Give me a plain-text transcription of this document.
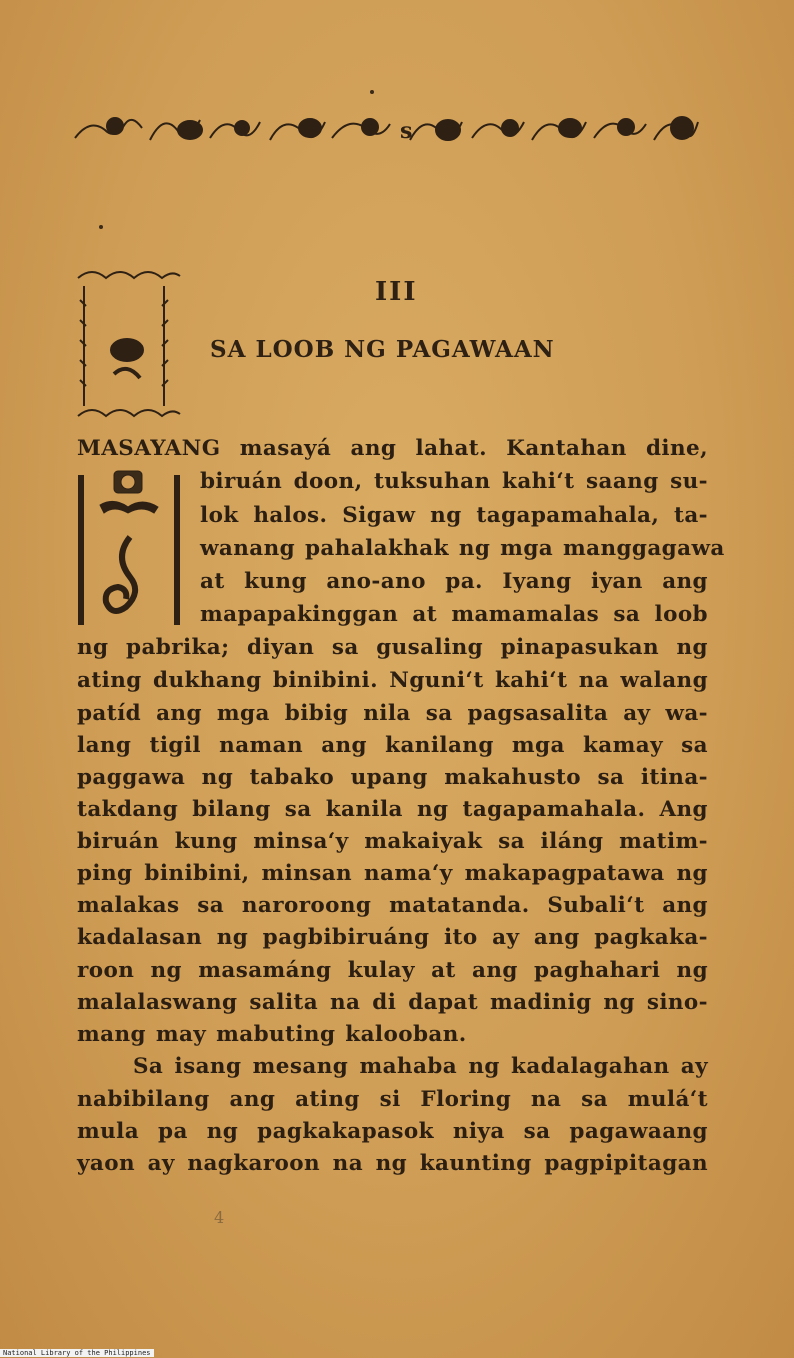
s
III
SA LOOB NG PAGAWAAN
MASAYANG masayá ang lahat. Kantahan dine,
biruán doon, tuksuhan kahi‘t saang su-
lok halos. Sigaw ng tagapamahala, ta-
wanang pahalakhak ng mga manggagawa
at kung ano-ano pa. Iyang iyan ang
mapapakinggan at mamamalas sa loob
ng pabrika; diyan sa gusaling pinapasukan ng
ating dukhang binibini. Nguni‘t kahi‘t na walang
patíd ang mga bibig nila sa pagsasalita ay wa-
lang tigil naman ang kanilang mga kamay sa
paggawa ng tabako upang makahusto sa itina-
takdang bilang sa kanila ng tagapamahala. Ang
biruán kung minsa‘y makaiyak sa iláng matim-
ping binibini, minsan nama‘y makapagpatawa ng
malakas sa naroroong matatanda. Subali‘t ang
kadalasan ng pagbibiruáng ito ay ang pagkaka-
roon ng masamáng kulay at ang paghahari ng
malalaswang salita na di dapat madinig ng sino-
mang may mabuting kalooban.
Sa isang mesang mahaba ng kadalagahan ay
nabibilang ang ating si Floring na sa mulá‘t
mula pa ng pagkakapasok niya sa pagawaang
yaon ay nagkaroon na ng kaunting pagpipitagan
4
National Library of the Philippines
